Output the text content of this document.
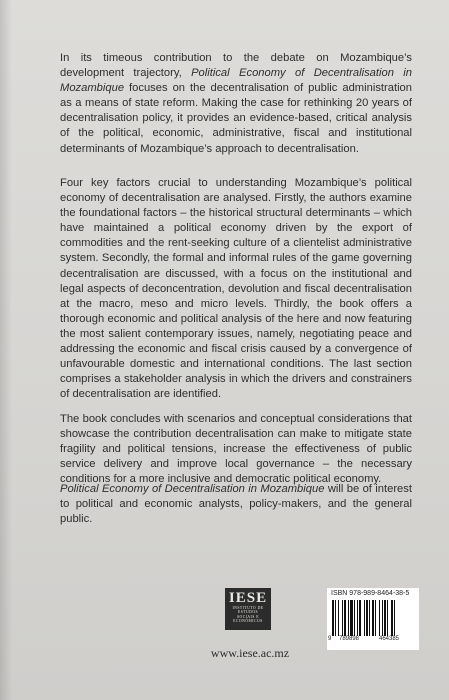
In its timeous contribution to the debate on Mozambique’s development trajectory, Political Economy of Decentralisation in Mozambique focuses on the decentralisation of public administration as a means of state reform. Making the case for rethinking 20 years of decentralisation policy, it provides an evidence-based, critical analysis of the political, economic, administrative, fiscal and institutional determinants of Mozambique’s approach to decentralisation.

Four key factors crucial to understanding Mozambique’s political economy of decentralisation are analysed. Firstly, the authors examine the foundational factors – the historical structural determinants – which have maintained a political economy driven by the export of commodities and the rent-seeking culture of a clientelist administrative system. Secondly, the formal and informal rules of the game governing decentralisation are discussed, with a focus on the institutional and legal aspects of deconcentration, devolution and fiscal decentralisation at the macro, meso and micro levels. Thirdly, the book offers a thorough economic and political analysis of the here and now featuring the most salient contemporary issues, namely, negotiating peace and addressing the economic and fiscal crisis caused by a convergence of unfavourable domestic and international conditions. The last section comprises a stakeholder analysis in which the drivers and constrainers of decentralisation are identified.

The book concludes with scenarios and conceptual considerations that showcase the contribution decentralisation can make to mitigate state fragility and political tensions, increase the effectiveness of public service delivery and improve local governance – the necessary conditions for a more inclusive and democratic political economy.

Political Economy of Decentralisation in Mozambique will be of interest to political and economic analysts, policy-makers, and the general public.

IESE
INSTITUTO DE
ESTUDOS
SOCIAIS E
ECONÓMICOS
www.iese.ac.mz
ISBN 978-989-8464-38-5
9 789898	464385
